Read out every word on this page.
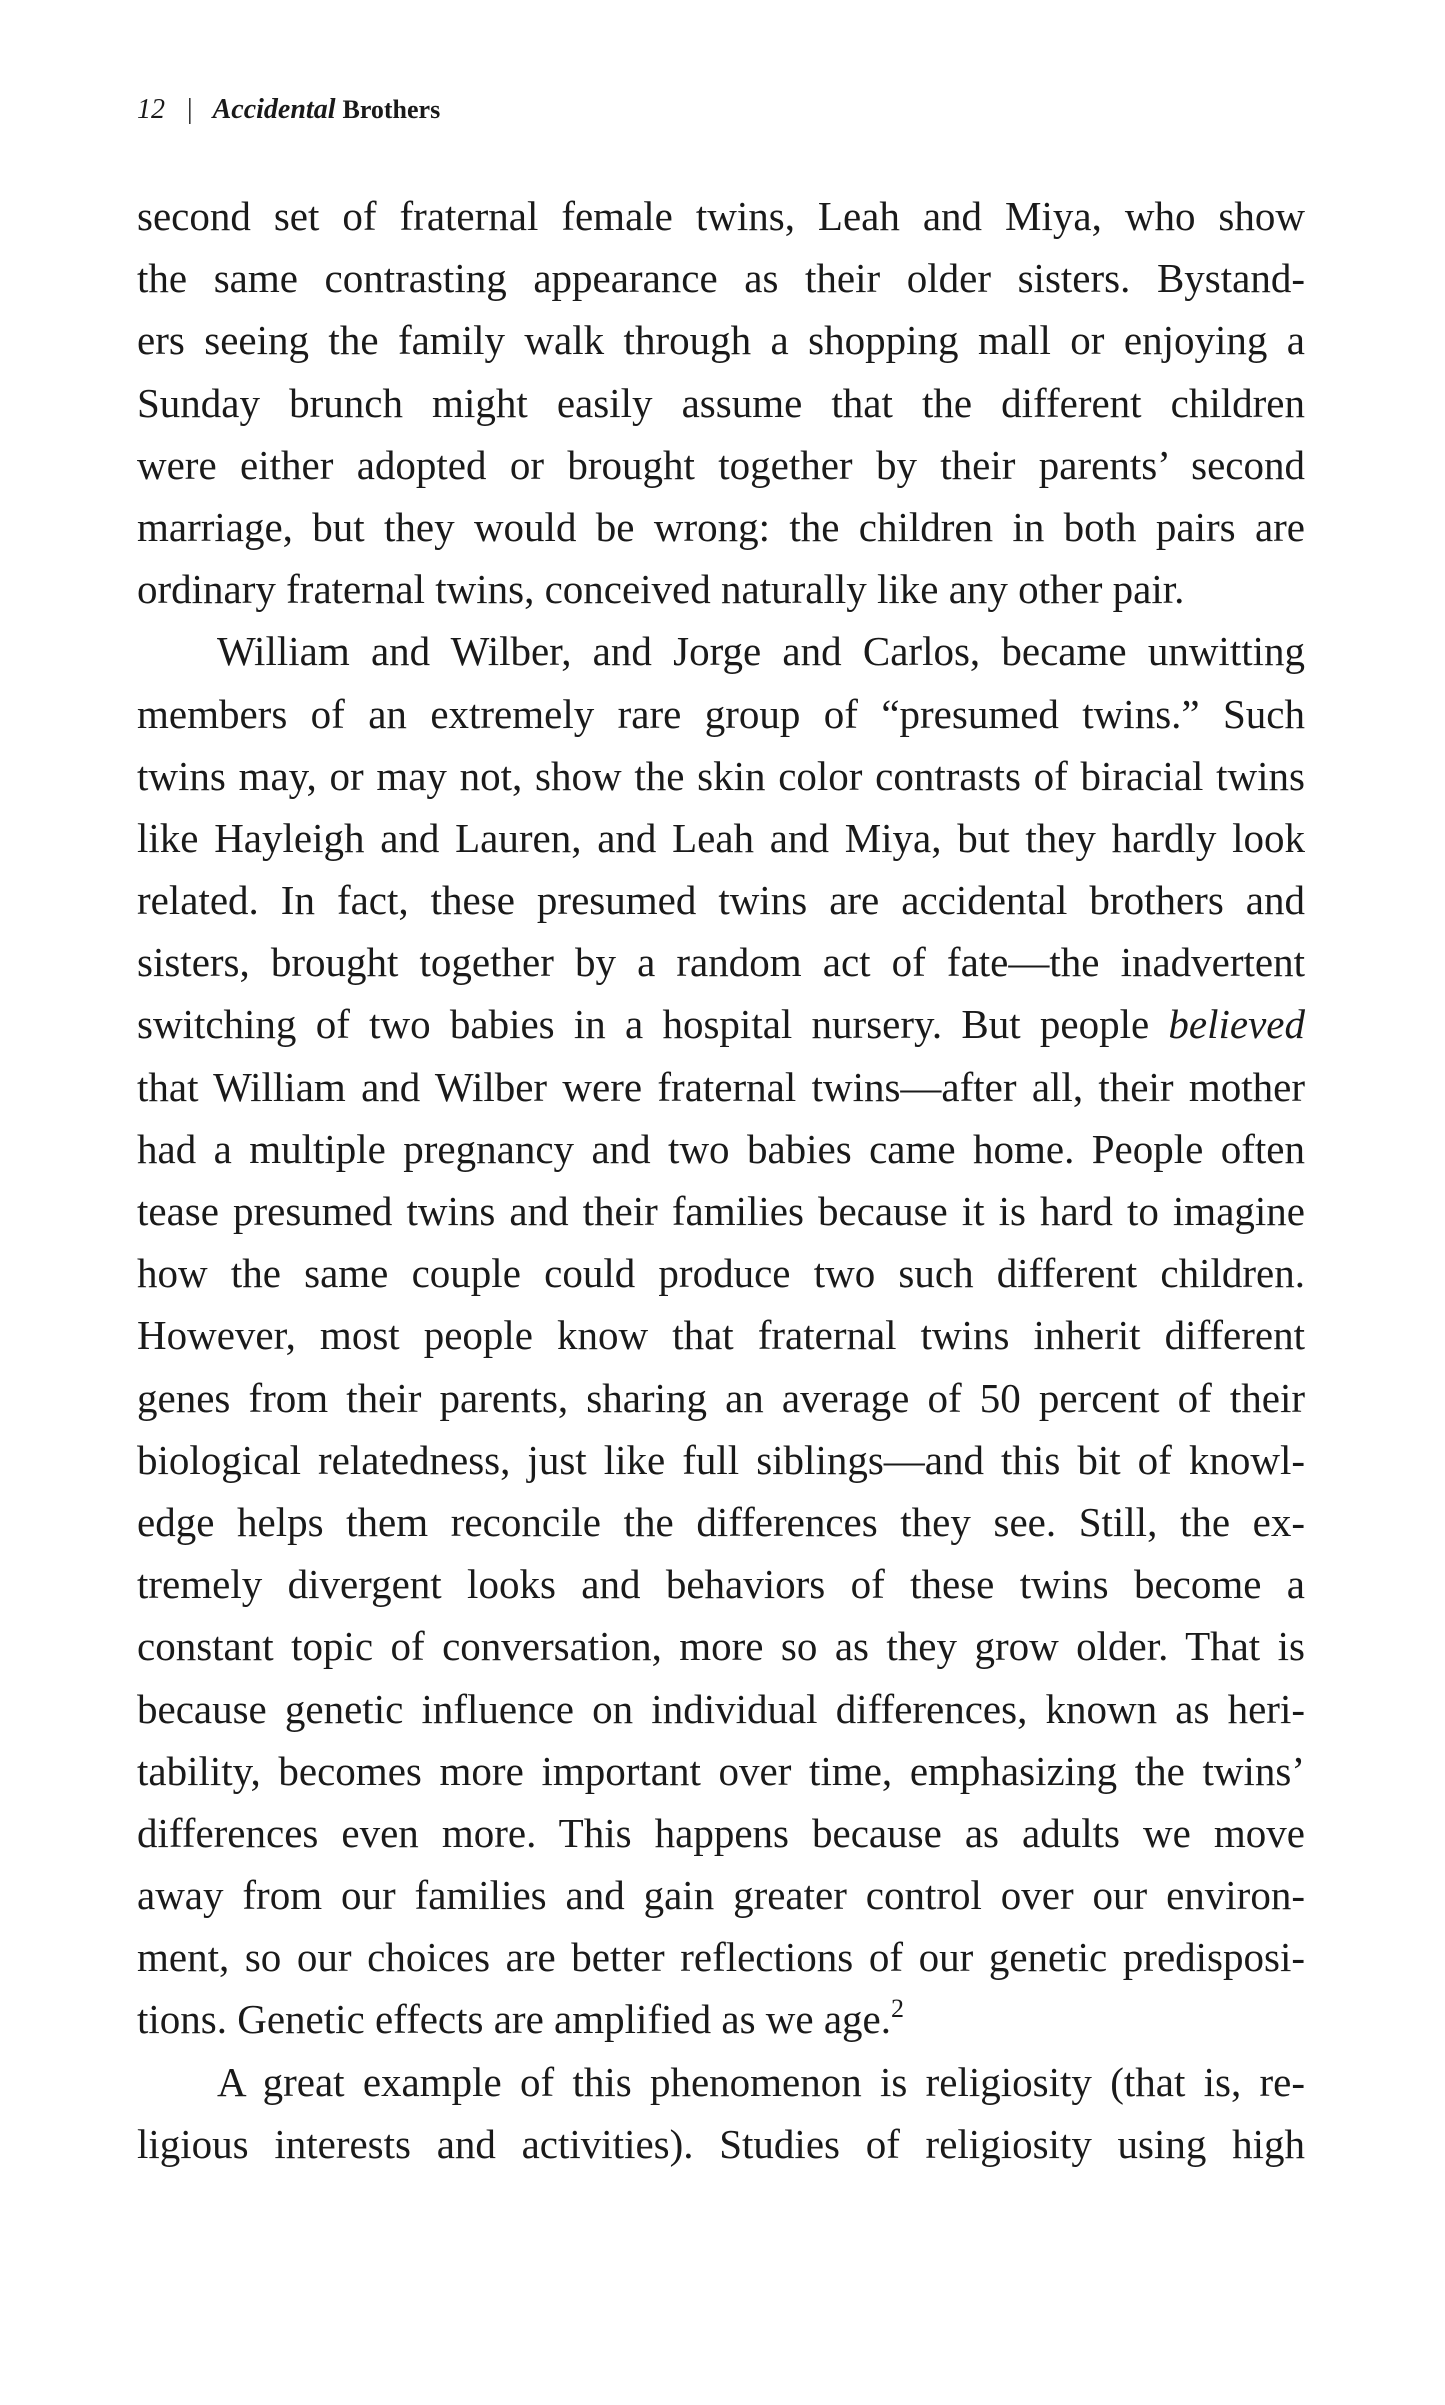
12 | Accidental Brothers
second set of fraternal female twins, Leah and Miya, who show
the same contrasting appearance as their older sisters. Bystand-
ers seeing the family walk through a shopping mall or enjoying a
Sunday brunch might easily assume that the different children
were either adopted or brought together by their parents’ second
marriage, but they would be wrong: the children in both pairs are
ordinary fraternal twins, conceived naturally like any other pair.
William and Wilber, and Jorge and Carlos, became unwitting
members of an extremely rare group of “presumed twins.” Such
twins may, or may not, show the skin color contrasts of biracial twins
like Hayleigh and Lauren, and Leah and Miya, but they hardly look
related. In fact, these presumed twins are accidental brothers and
sisters, brought together by a random act of fate—the inadvertent
switching of two babies in a hospital nursery. But people believed
that William and Wilber were fraternal twins—after all, their mother
had a multiple pregnancy and two babies came home. People often
tease presumed twins and their families because it is hard to imagine
how the same couple could produce two such different children.
However, most people know that fraternal twins inherit different
genes from their parents, sharing an average of 50 percent of their
biological relatedness, just like full siblings—and this bit of knowl-
edge helps them reconcile the differences they see. Still, the ex-
tremely divergent looks and behaviors of these twins become a
constant topic of conversation, more so as they grow older. That is
because genetic influence on individual differences, known as heri-
tability, becomes more important over time, emphasizing the twins’
differences even more. This happens because as adults we move
away from our families and gain greater control over our environ-
ment, so our choices are better reflections of our genetic predisposi-
tions. Genetic effects are amplified as we age.$^2$
A great example of this phenomenon is religiosity (that is, re-
ligious interests and activities). Studies of religiosity using high
